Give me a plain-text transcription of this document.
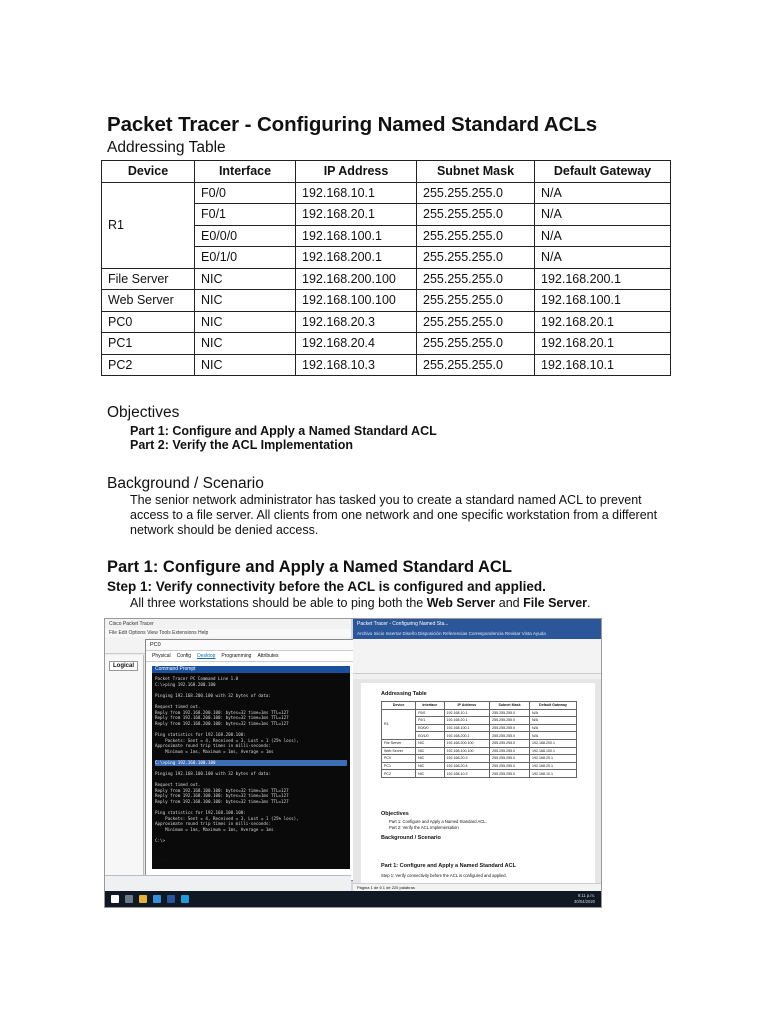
Packet Tracer - Configuring Named Standard ACLs
Addressing Table
Device	Interface	IP Address	Subnet Mask	Default Gateway
R1	F0/0	192.168.10.1	255.255.255.0	N/A
	F0/1	192.168.20.1	255.255.255.0	N/A
	E0/0/0	192.168.100.1	255.255.255.0	N/A
	E0/1/0	192.168.200.1	255.255.255.0	N/A
File Server	NIC	192.168.200.100	255.255.255.0	192.168.200.1
Web Server	NIC	192.168.100.100	255.255.255.0	192.168.100.1
PC0	NIC	192.168.20.3	255.255.255.0	192.168.20.1
PC1	NIC	192.168.20.4	255.255.255.0	192.168.20.1
PC2	NIC	192.168.10.3	255.255.255.0	192.168.10.1
Objectives

Part 1: Configure and Apply a Named Standard ACL

Part 2: Verify the ACL Implementation

Background / Scenario

The senior network administrator has tasked you to create a standard named ACL to prevent

access to a file server. All clients from one network and one specific workstation from a different

network should be denied access.

Part 1: Configure and Apply a Named Standard ACL

Step 1: Verify connectivity before the ACL is configured and applied.

All three workstations should be able to ping both the Web Server and File Server.

Cisco Packet Tracer
File Edit Options View Tools Extensions Help
Logical
PC0
Physical Config Desktop Programming Attributes
Command Prompt
Packet Tracer PC Command Line 1.0
C:\>ping 192.168.200.100

Pinging 192.168.200.100 with 32 bytes of data:

Request timed out.
Reply from 192.168.200.100: bytes=32 time=1ms TTL=127
Reply from 192.168.200.100: bytes=32 time=1ms TTL=127
Reply from 192.168.200.100: bytes=32 time=1ms TTL=127

Ping statistics for 192.168.200.100:
Packets: Sent = 4, Received = 3, Lost = 1 (25% loss),
Approximate round trip times in milli-seconds:
Minimum = 1ms, Maximum = 1ms, Average = 1ms

C:\>ping 192.168.100.100

Pinging 192.168.100.100 with 32 bytes of data:

Request timed out.
Reply from 192.168.100.100: bytes=32 time=1ms TTL=127
Reply from 192.168.100.100: bytes=32 time=1ms TTL=127
Reply from 192.168.100.100: bytes=32 time=1ms TTL=127

Ping statistics for 192.168.100.100:
Packets: Sent = 4, Received = 3, Lost = 1 (25% loss),
Approximate round trip times in milli-seconds:
Minimum = 1ms, Maximum = 1ms, Average = 1ms

C:\>
☐ Top
Packet Tracer - Configuring Named Sta...
Archivo Inicio Insertar Diseño Disposición Referencias Correspondencia Revisar Vista Ayuda

Addressing Table

Device	Interface	IP Address	Subnet Mask	Default Gateway
R1	F0/0	192.168.10.1	255.255.255.0	N/A
	F0/1	192.168.20.1	255.255.255.0	N/A
	E0/0/0	192.168.100.1	255.255.255.0	N/A
	E0/1/0	192.168.200.1	255.255.255.0	N/A
File Server	NIC	192.168.200.100	255.255.255.0	192.168.200.1
Web Server	NIC	192.168.100.100	255.255.255.0	192.168.100.1
PC0	NIC	192.168.20.3	255.255.255.0	192.168.20.1
PC1	NIC	192.168.20.4	255.255.255.0	192.168.20.1
PC2	NIC	192.168.10.3	255.255.255.0	192.168.10.1

Objectives

Part 1: Configure and Apply a Named Standard ACL.

Part 2: Verify the ACL Implementation

Background / Scenario

Part 1: Configure and Apply a Named Standard ACL

Step 1: Verify connectivity before the ACL is configured and applied.

Página 1 de 6 1 de 220 palabras
9:11 p.m.
30/04/2020
